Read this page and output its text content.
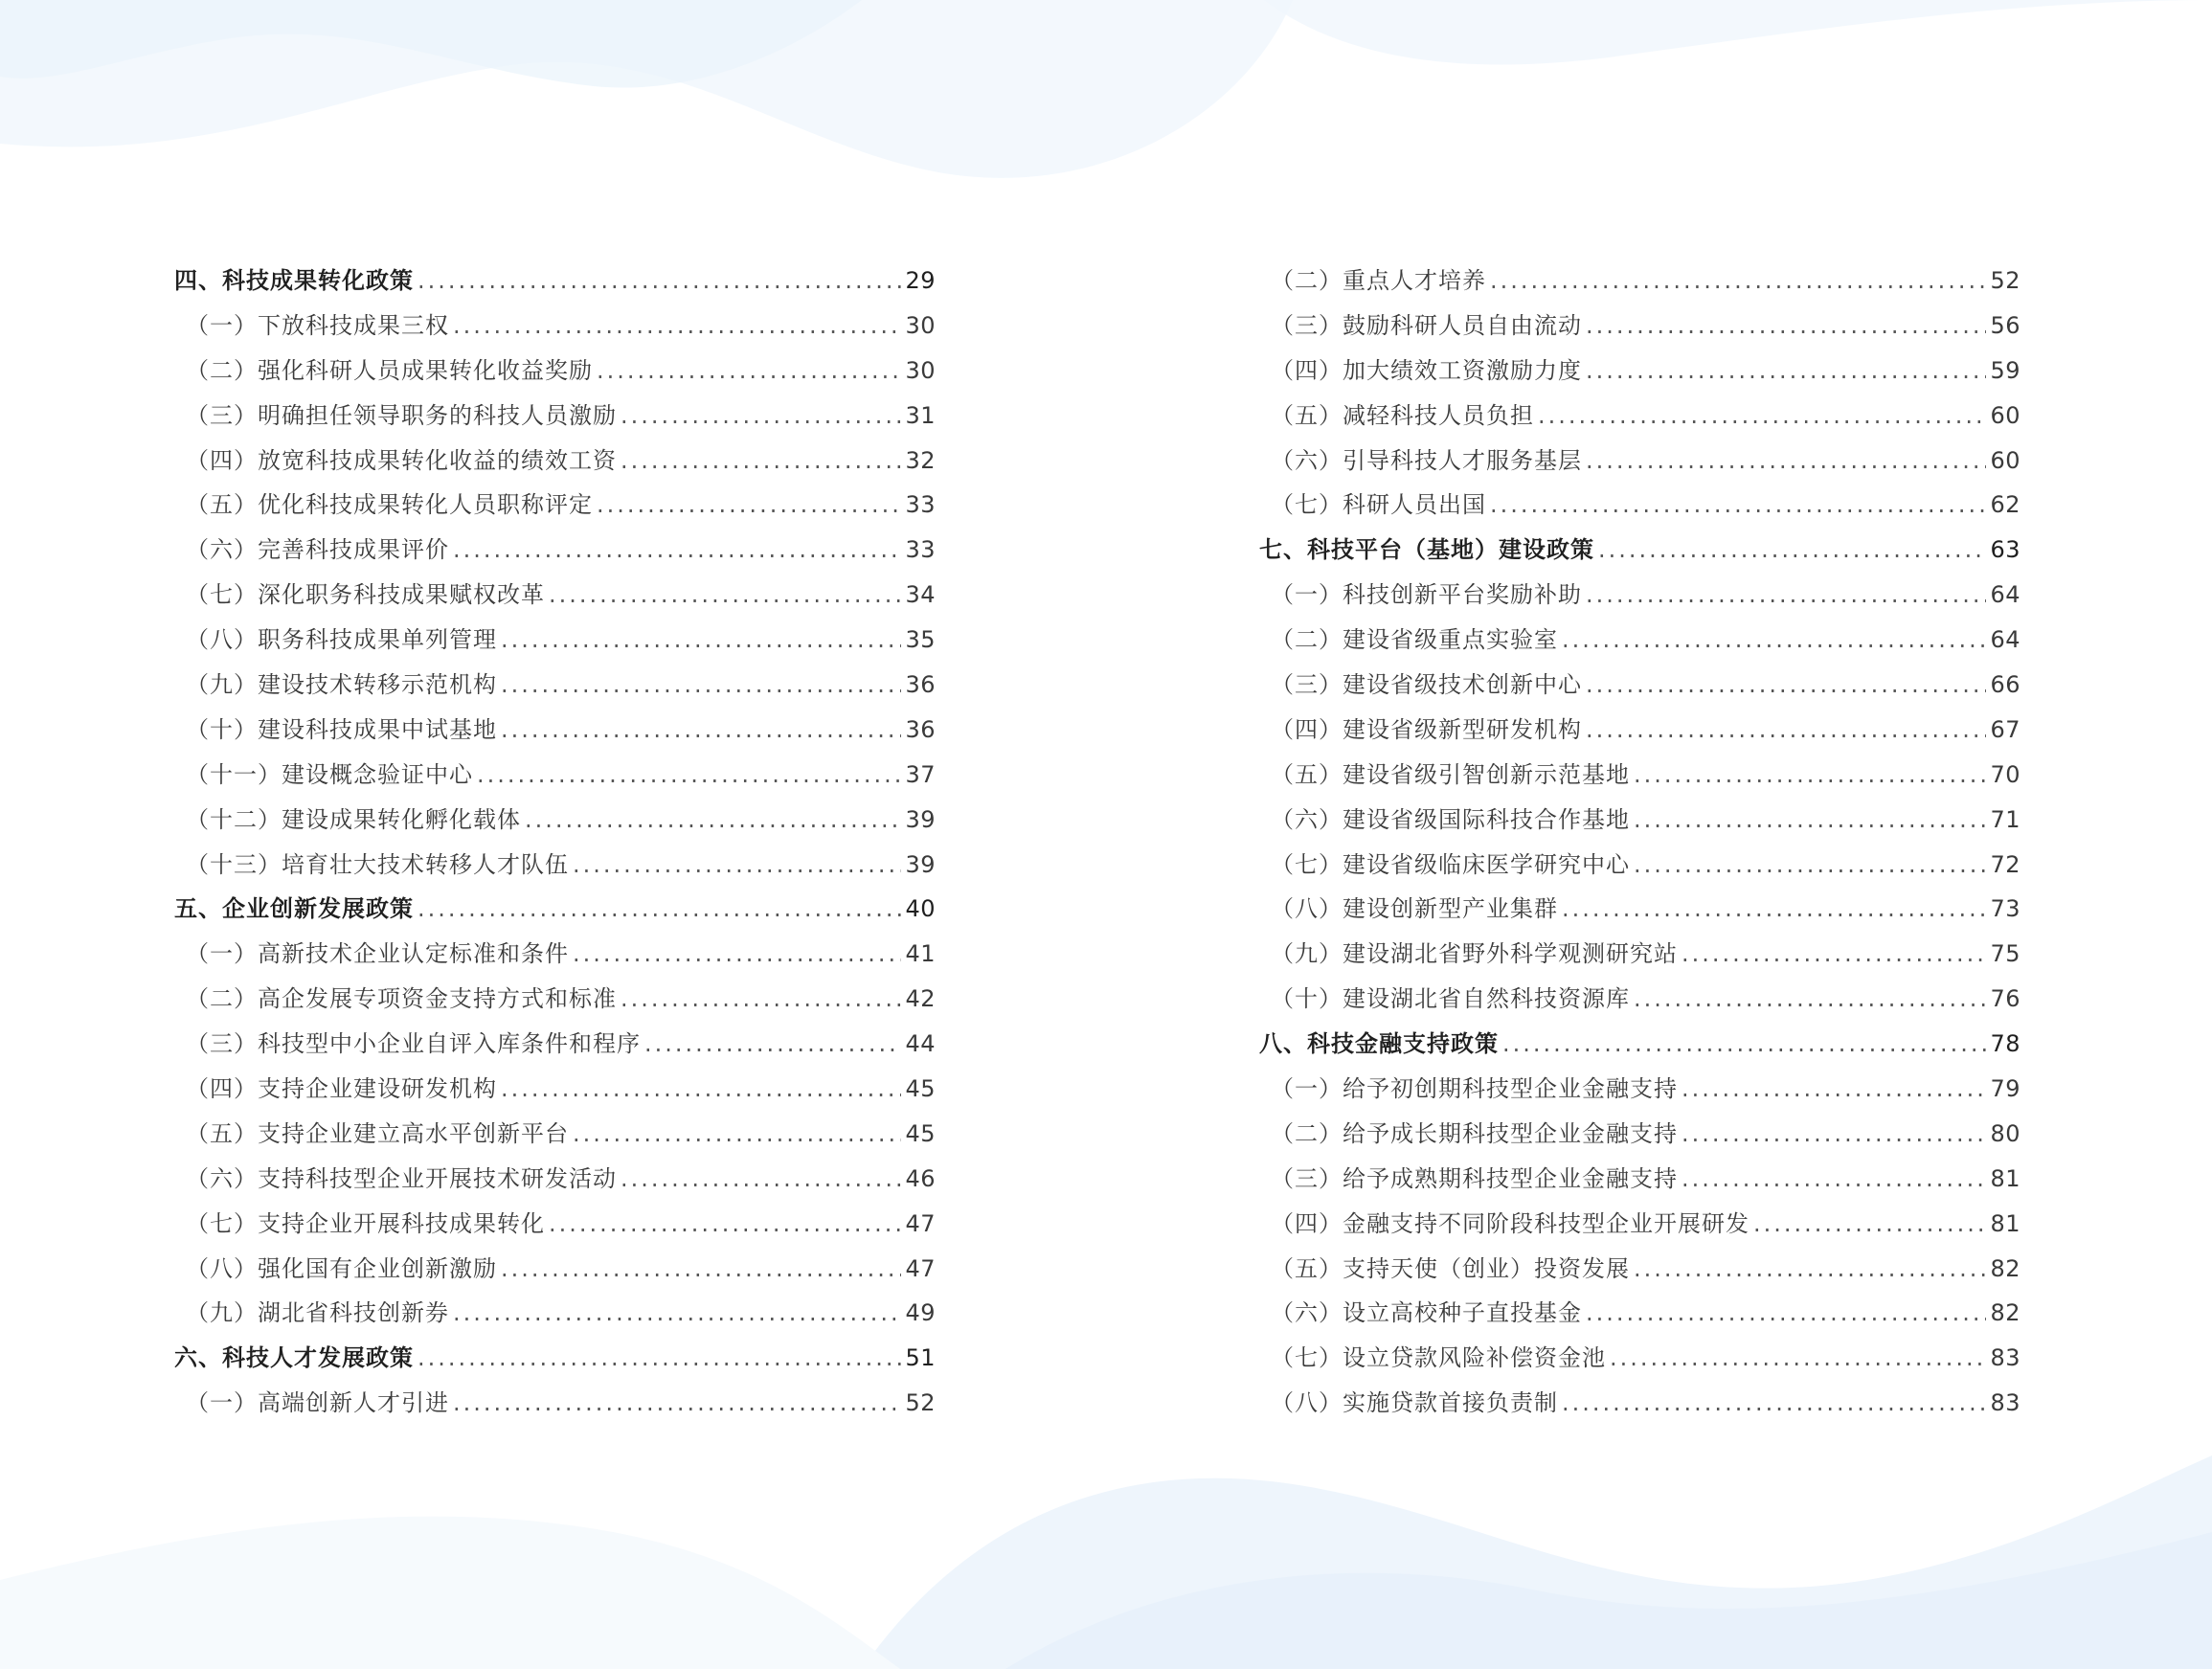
四、科技成果转化政策 .....	29
（一）下放科技成果三权 .....	30
（二）强化科研人员成果转化收益奖励 .....	30
（三）明确担任领导职务的科技人员激励 .....	31
（四）放宽科技成果转化收益的绩效工资 .....	32
（五）优化科技成果转化人员职称评定 .....	33
（六）完善科技成果评价 .....	33
（七）深化职务科技成果赋权改革 .....	34
（八）职务科技成果单列管理 .....	35
（九）建设技术转移示范机构 .....	36
（十）建设科技成果中试基地 .....	36
（十一）建设概念验证中心 .....	37
（十二）建设成果转化孵化载体 .....	39
（十三）培育壮大技术转移人才队伍 .....	39
五、企业创新发展政策 .....	40
（一）高新技术企业认定标准和条件 .....	41
（二）高企发展专项资金支持方式和标准 .....	42
（三）科技型中小企业自评入库条件和程序 .....	44
（四）支持企业建设研发机构 .....	45
（五）支持企业建立高水平创新平台 .....	45
（六）支持科技型企业开展技术研发活动 .....	46
（七）支持企业开展科技成果转化 .....	47
（八）强化国有企业创新激励 .....	47
（九）湖北省科技创新券 .....	49
六、科技人才发展政策 .....	51
（一）高端创新人才引进 .....	52
（二）重点人才培养 .....	52
（三）鼓励科研人员自由流动 .....	56
（四）加大绩效工资激励力度 .....	59
（五）减轻科技人员负担 .....	60
（六）引导科技人才服务基层 .....	60
（七）科研人员出国 .....	62
七、科技平台（基地）建设政策 .....	63
（一）科技创新平台奖励补助 .....	64
（二）建设省级重点实验室 .....	64
（三）建设省级技术创新中心 .....	66
（四）建设省级新型研发机构 .....	67
（五）建设省级引智创新示范基地 .....	70
（六）建设省级国际科技合作基地 .....	71
（七）建设省级临床医学研究中心 .....	72
（八）建设创新型产业集群 .....	73
（九）建设湖北省野外科学观测研究站 .....	75
（十）建设湖北省自然科技资源库 .....	76
八、科技金融支持政策 .....	78
（一）给予初创期科技型企业金融支持 .....	79
（二）给予成长期科技型企业金融支持 .....	80
（三）给予成熟期科技型企业金融支持 .....	81
（四）金融支持不同阶段科技型企业开展研发 .....	81
（五）支持天使（创业）投资发展 .....	82
（六）设立高校种子直投基金 .....	82
（七）设立贷款风险补偿资金池 .....	83
（八）实施贷款首接负责制 .....	83
